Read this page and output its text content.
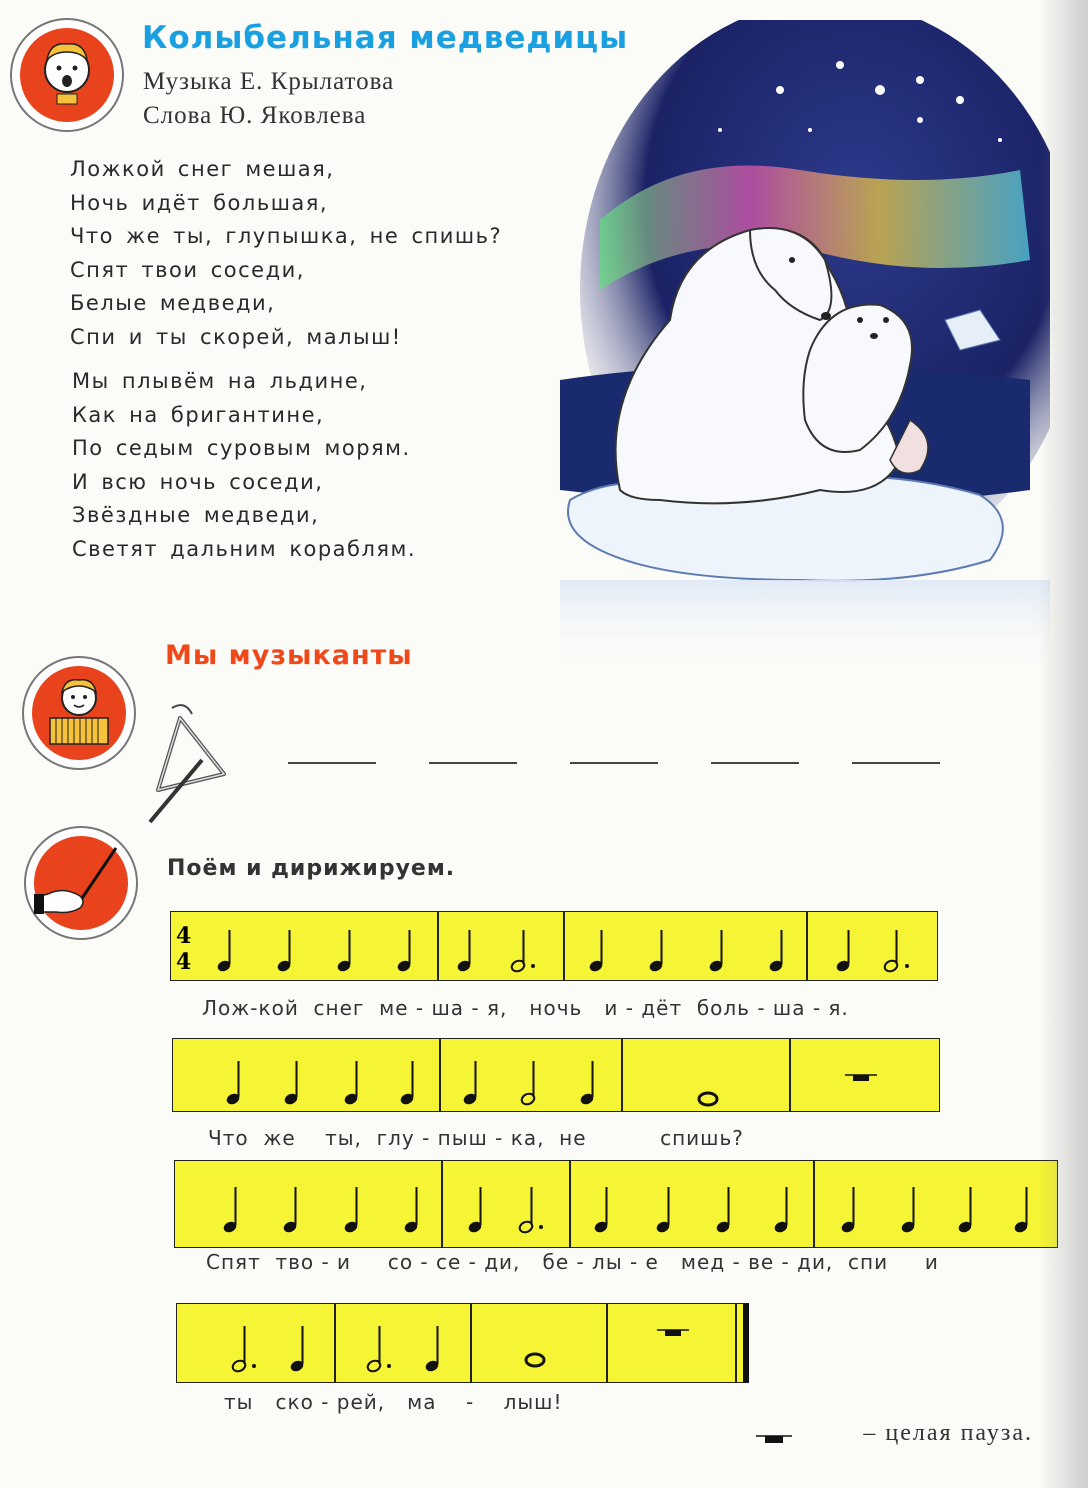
Колыбельная медведицы
Музыка Е. Крылатова
Слова Ю. Яковлева
Ложкой снег мешая,
Ночь идёт большая,
Что же ты, глупышка, не спишь?
Спят твои соседи,
Белые медведи,
Спи и ты скорей, малыш!
Мы плывём на льдине,
Как на бригантине,
По седым суровым морям.
И всю ночь соседи,
Звёздные медведи,
Светят дальним кораблям.
Мы музыканты
Поём и дирижируем.
4
4
Лож-кой  снег  ме - ша - я,   ночь   и - дёт  боль - ша - я.
Что  же    ты,  глу - пыш - ка,  не          спишь?
Спят  тво - и     со - се - ди,   бе - лы - е   мед - ве - ди,  спи     и
ты   ско - рей,   ма    -    лыш!
– целая пауза.
